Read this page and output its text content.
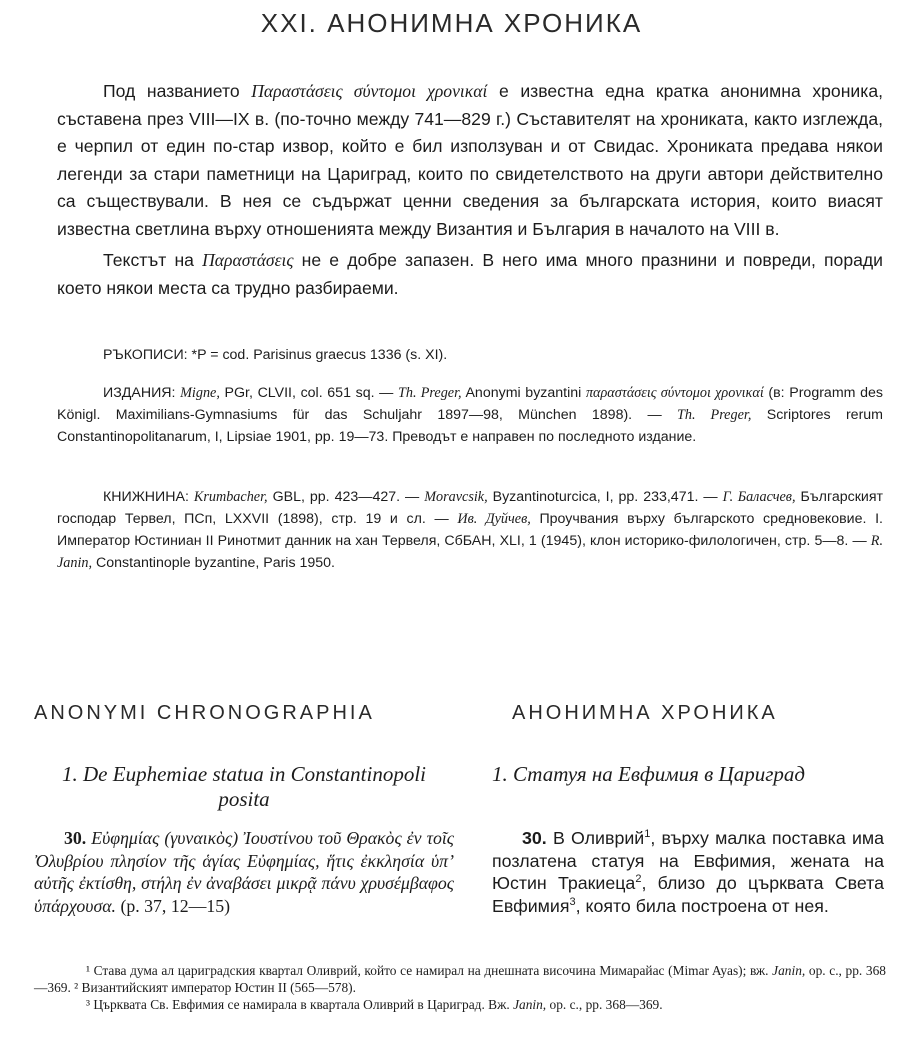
XXI. АНОНИМНА ХРОНИКА

Под названието Παραστάσεις σύντομοι χρονικαί е известна една кратка анонимна хроника, съставена през VIII—IX в. (по-точно между 741—829 г.) Съставителят на хрониката, както изглежда, е черпил от един по-стар извор, който е бил използуван и от Свидас. Хрониката предава някои легенди за стари паметници на Цариград, които по свидетелството на други автори действително са съществували. В нея се съдържат ценни сведения за българската история, които виасят известна светлина върху отношенията между Византия и България в началото на VIII в.

Текстът на Παραστάσεις не е добре запазен. В него има много празнини и повреди, поради което някои места са трудно разбираеми.

РЪКОПИСИ: *P = cod. Parisinus graecus 1336 (s. XI).

ИЗДАНИЯ: Migne, PGr, CLVII, col. 651 sq. — Th. Preger, Anonymi byzantini παραστάσεις σύντομοι χρονικαί (в: Programm des Königl. Maximilians-Gymnasiums für das Schuljahr 1897—98, München 1898). — Th. Preger, Scriptores rerum Constantinopolitanarum, I, Lipsiae 1901, pp. 19—73. Преводът е направен по последното издание.

КНИЖНИНА: Krumbacher, GBL, pp. 423—427. — Moravcsik, Byzantinoturcica, I, pp. 233,471. — Г. Баласчев, Българският господар Тервел, ПСп, LXXVII (1898), стр. 19 и сл. — Ив. Дуйчев, Проучвания върху българското средновековие. I. Император Юстиниан II Ринотмит данник на хан Тервеля, СбБАН, XLI, 1 (1945), клон историко-филологичен, стр. 5—8. — R. Janin, Constantinople byzantine, Paris 1950.

ANONYMI CHRONOGRAPHIA	АНОНИМНА ХРОНИКА
1. De Euphemiae statua in Constantinopoli posita
1. Статуя на Евфимия в Цариград

30. Εὐφημίας (γυναικὸς) Ἰουστίνου τοῦ Θρακὸς ἐν τοῖς Ὀλυβρίου πλησίον τῆς ἁγίας Εὐφημίας, ἥτις ἐκκλησία ὑπ’ αὐτῆς ἐκτίσθη, στήλη ἐν ἀναβάσει μικρᾷ πάνυ χρυσέμβαφος ὑπάρχουσα. (p. 37, 12—15)

30. В Оливрий$^1$, върху малка поставка има позлатена статуя на Евфимия, жената на Юстин Тракиеца$^2$, близо до църквата Света Евфимия$^3$, която била построена от нея.

¹ Става дума ал цариградския квартал Оливрий, който се намирал на днешната височина Мимарайас (Mimar Ayas); вж. Janin, op. c., pp. 368—369. ² Византийският император Юстин II (565—578).

³ Църквата Св. Евфимия се намирала в квартала Оливрий в Цариград. Вж. Janin, op. c., pp. 368—369.
